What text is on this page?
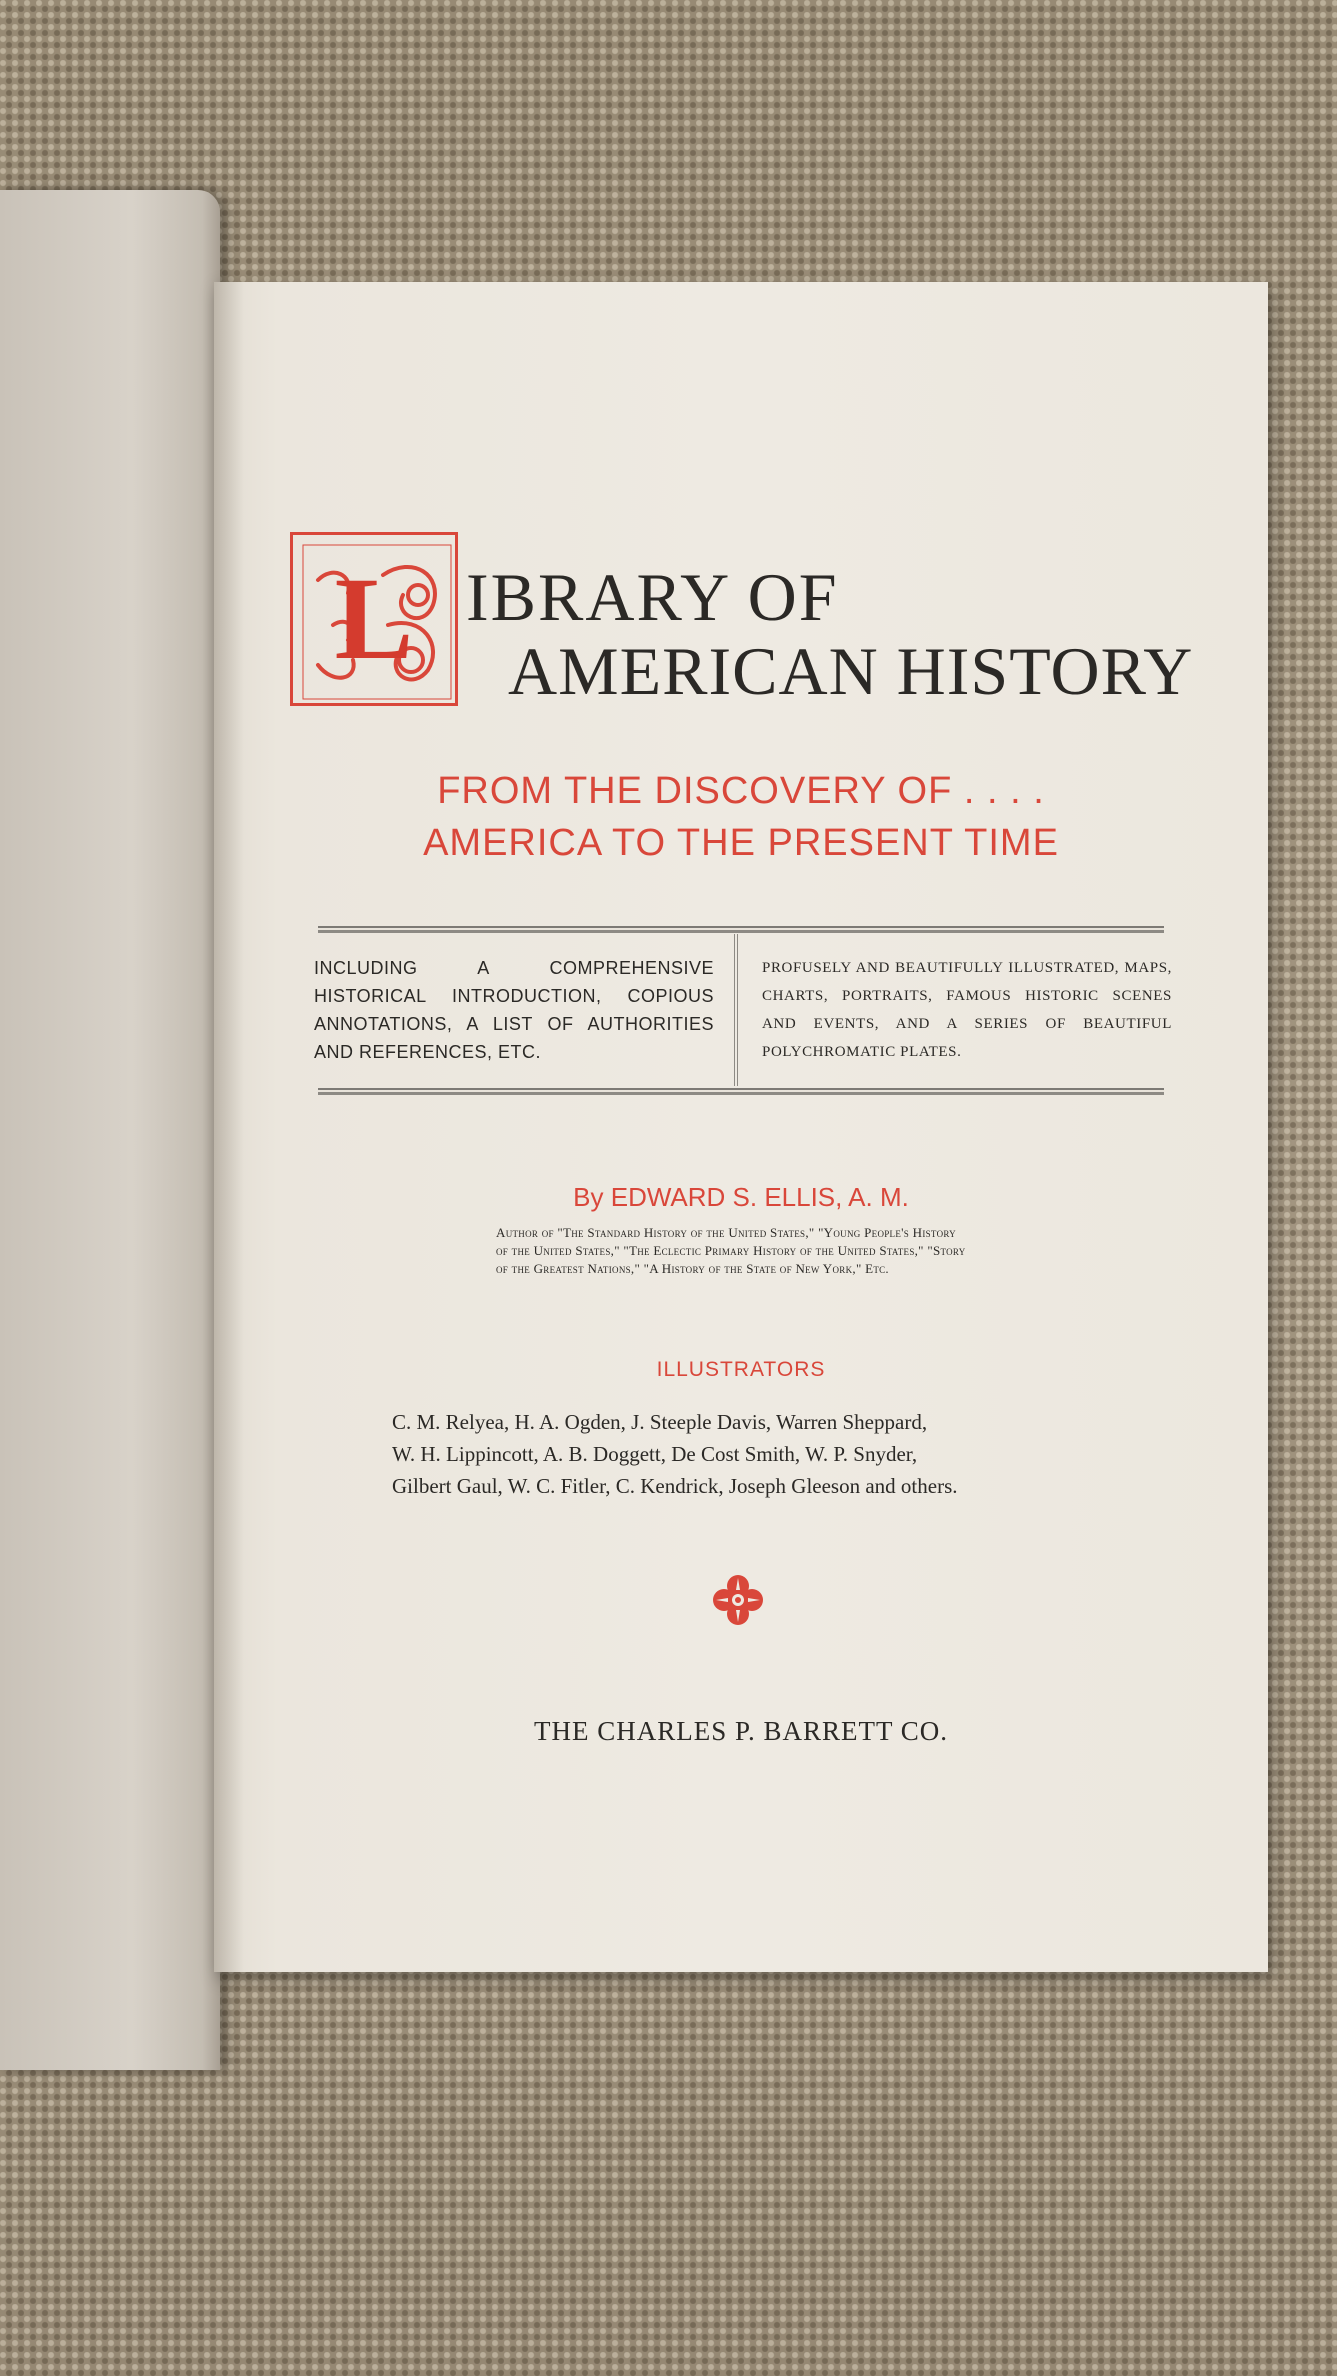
L IBRARY OF
AMERICAN HISTORY
FROM THE DISCOVERY OF . . . .
AMERICA TO THE PRESENT TIME
INCLUDING A COMPREHENSIVE HISTORICAL INTRODUCTION, COPIOUS ANNOTATIONS, A LIST OF AUTHORITIES AND REFERENCES, ETC.
PROFUSELY AND BEAUTIFULLY ILLUSTRATED, MAPS, CHARTS, PORTRAITS, FAMOUS HISTORIC SCENES AND EVENTS, AND A SERIES OF BEAUTIFUL POLYCHROMATIC PLATES.
By EDWARD S. ELLIS, A. M.
Author of "The Standard History of the United States," "Young People's History of the United States," "The Eclectic Primary History of the United States," "Story of the Greatest Nations," "A History of the State of New York," Etc.
ILLUSTRATORS
C. M. Relyea, H. A. Ogden, J. Steeple Davis, Warren Sheppard,
W. H. Lippincott, A. B. Doggett, De Cost Smith, W. P. Snyder,
Gilbert Gaul, W. C. Fitler, C. Kendrick, Joseph Gleeson and others.
THE CHARLES P. BARRETT CO.
